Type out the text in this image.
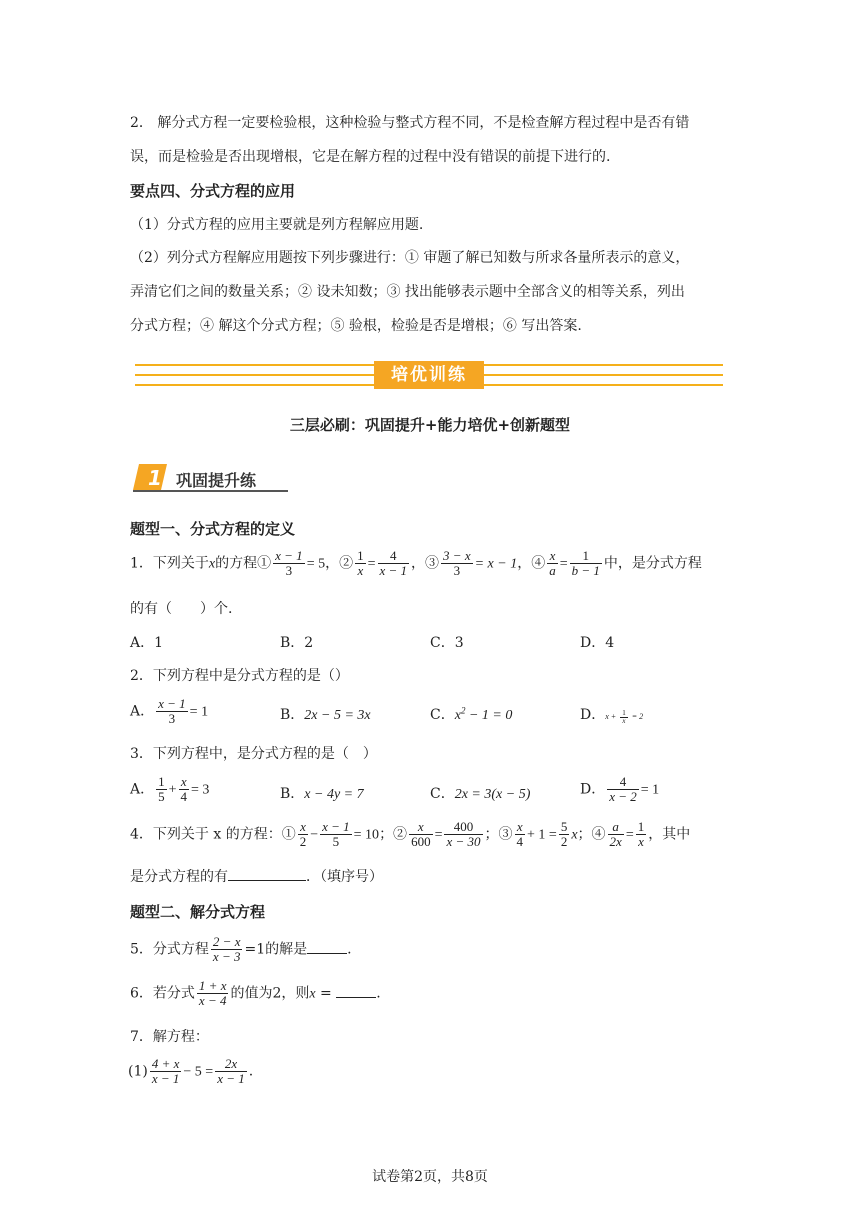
2． 解分式方程一定要检验根，这种检验与整式方程不同，不是检查解方程过程中是否有错
误，而是检验是否出现增根，它是在解方程的过程中没有错误的前提下进行的.
要点四、分式方程的应用
（1）分式方程的应用主要就是列方程解应用题.
（2）列分式方程解应用题按下列步骤进行：① 审题了解已知数与所求各量所表示的意义，
弄清它们之间的数量关系；② 设未知数；③ 找出能够表示题中全部含义的相等关系，列出
分式方程；④ 解这个分式方程；⑤ 验根，检验是否是增根；⑥ 写出答案.
培优训练
三层必刷：巩固提升+能力培优+创新题型
1 巩固提升练
题型一、分式方程的定义
1．下列关于x的方程① $\frac{x - 1}{3} = 5$，② $\frac{1}{x} = \frac{4}{x - 1}$ ，③ $\frac{3 - x}{3} = x - 1$，④ $\frac{x}{a} = \frac{1}{b - 1}$ 中，是分式方程
的有（　　）个.
A．1	B．2	C．3	D．4
2．下列方程中是分式方程的是（）
A． $\frac{x - 1}{3} = 1$	B．2x − 5 = 3x	C．$x^2 - 1 = 0$	D．$x + \frac{1}{x} = 2$
3．下列方程中，是分式方程的是（　）
A． $\frac{1}{5} + \frac{x}{4} = 3$	B．x − 4y = 7	C．2x = 3(x − 5)	D． $\frac{4}{x - 2} = 1$
4．下列关于 x 的方程：① $\frac{x}{2} - \frac{x - 1}{5} = 10$；② $\frac{x}{600} = \frac{400}{x - 30}$ ；③ $\frac{x}{4} + 1 = \frac{5}{2}$ x；④ $\frac{a}{2x} = \frac{1}{x}$ ，其中
是分式方程的有	．（填序号）
题型二、解分式方程
5．分式方程 $\frac{2 - x}{x - 3} =1$的解是	.
6．若分式 $\frac{1 + x}{x - 4}$ 的值为2，则x =	.
7．解方程：
$(1) \frac{4 + x}{x - 1} - 5 = \frac{2x}{x - 1}$ .
试卷第2页，共8页
